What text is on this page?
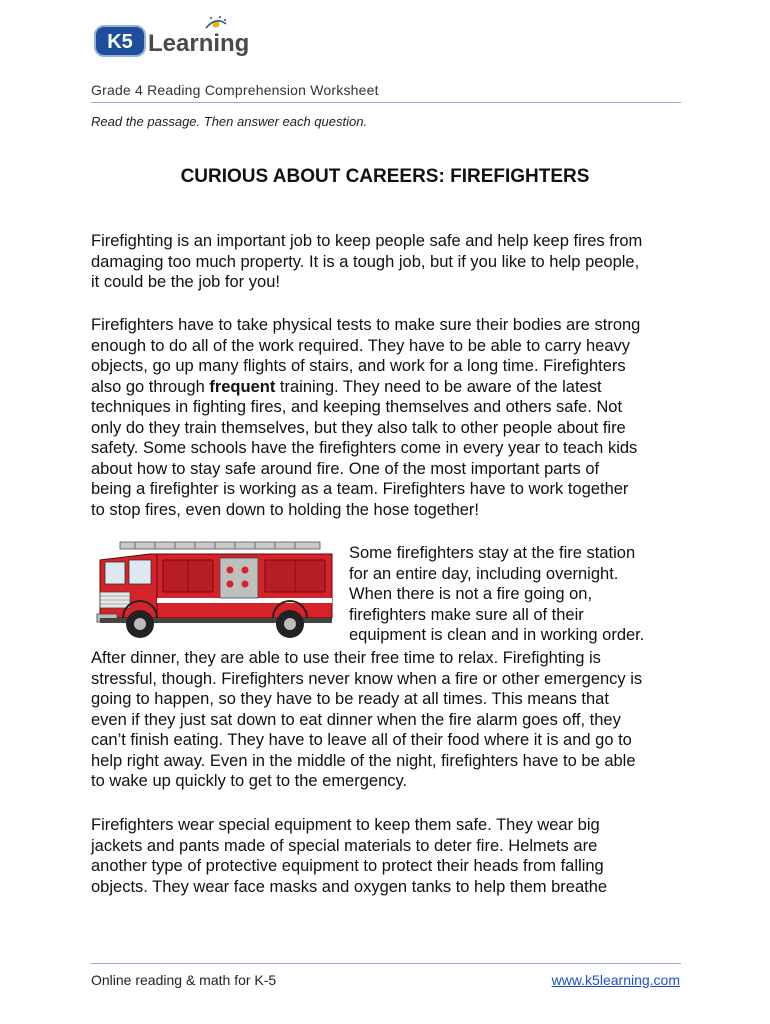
K5 Learning
Grade 4 Reading Comprehension Worksheet
Read the passage. Then answer each question.
CURIOUS ABOUT CAREERS: FIREFIGHTERS

Firefighting is an important job to keep people safe and help keep fires from

damaging too much property. It is a tough job, but if you like to help people,

it could be the job for you!

Firefighters have to take physical tests to make sure their bodies are strong

enough to do all of the work required. They have to be able to carry heavy

objects, go up many flights of stairs, and work for a long time. Firefighters

also go through frequent training. They need to be aware of the latest

techniques in fighting fires, and keeping themselves and others safe. Not

only do they train themselves, but they also talk to other people about fire

safety. Some schools have the firefighters come in every year to teach kids

about how to stay safe around fire. One of the most important parts of

being a firefighter is working as a team. Firefighters have to work together

to stop fires, even down to holding the hose together!

Some firefighters stay at the fire station

for an entire day, including overnight.

When there is not a fire going on,

firefighters make sure all of their

equipment is clean and in working order.

After dinner, they are able to use their free time to relax. Firefighting is

stressful, though. Firefighters never know when a fire or other emergency is

going to happen, so they have to be ready at all times. This means that

even if they just sat down to eat dinner when the fire alarm goes off, they

can’t finish eating. They have to leave all of their food where it is and go to

help right away. Even in the middle of the night, firefighters have to be able

to wake up quickly to get to the emergency.

Firefighters wear special equipment to keep them safe. They wear big

jackets and pants made of special materials to deter fire. Helmets are

another type of protective equipment to protect their heads from falling

objects. They wear face masks and oxygen tanks to help them breathe

Online reading & math for K-5	www.k5learning.com
